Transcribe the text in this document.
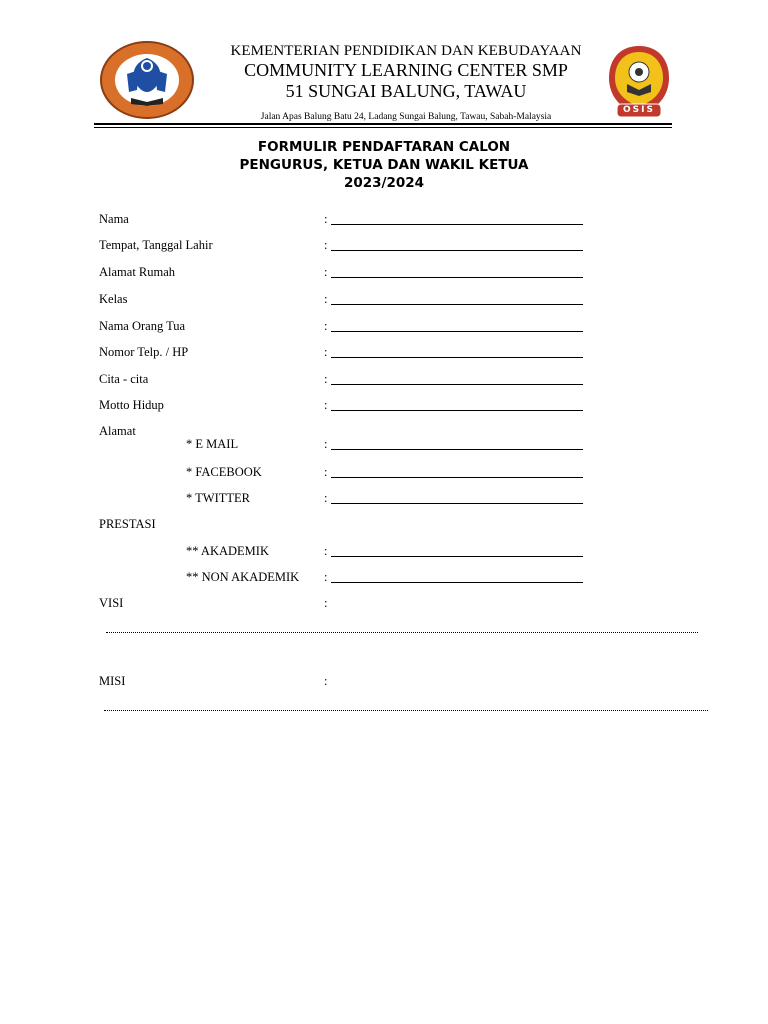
OSIS
KEMENTERIAN PENDIDIKAN DAN KEBUDAYAAN
COMMUNITY LEARNING CENTER SMP
51 SUNGAI BALUNG, TAWAU
Jalan Apas Balung Batu 24, Ladang Sungai Balung, Tawau, Sabah-Malaysia
FORMULIR PENDAFTARAN CALON
PENGURUS, KETUA DAN WAKIL KETUA
2023/2024
Nama	:
Tempat, Tanggal Lahir	:
Alamat Rumah	:
Kelas	:
Nama Orang Tua	:
Nomor Telp. / HP	:
Cita - cita	:
Motto Hidup	:
Alamat
* E MAIL	:
* FACEBOOK	:
* TWITTER	:
PRESTASI
** AKADEMIK	:
** NON AKADEMIK :
VISI	:
MISI	:
